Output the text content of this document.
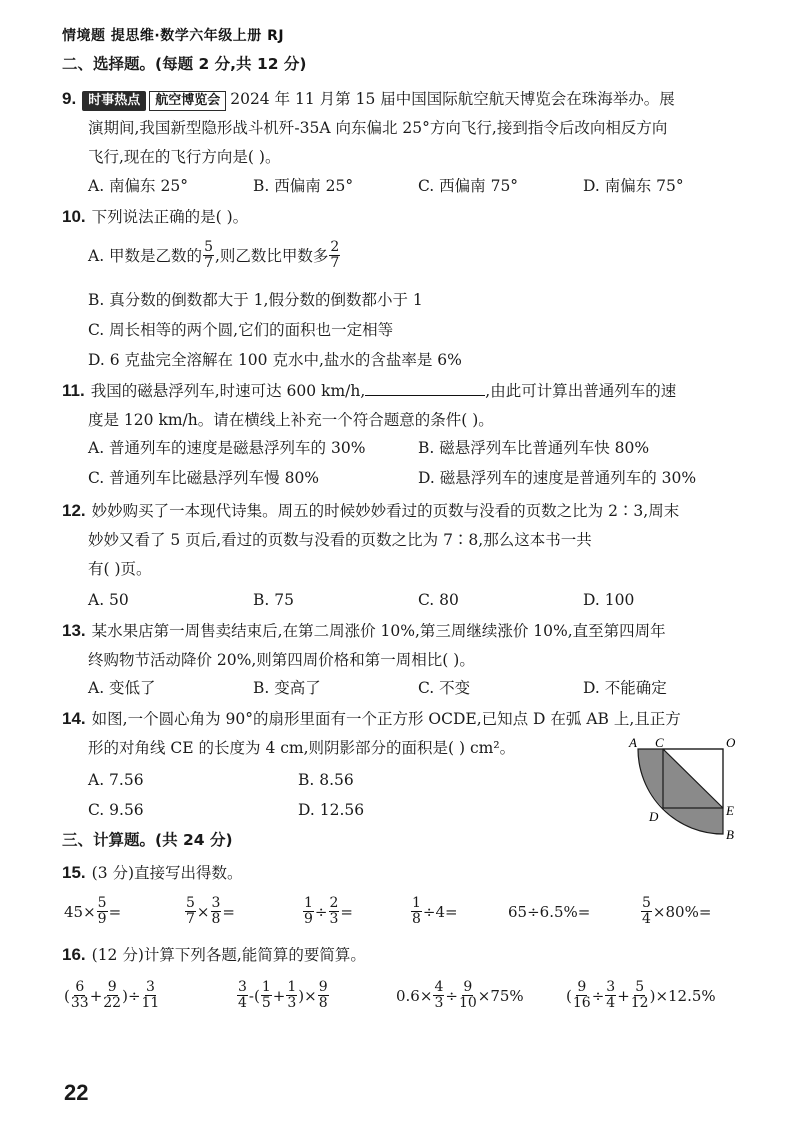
情境题 提思维·数学六年级上册 RJ
二、选择题。(每题 2 分,共 12 分)
9. 时事热点 航空博览会 2024 年 11 月第 15 届中国国际航空航天博览会在珠海举办。展
演期间,我国新型隐形战斗机歼-35A 向东偏北 25°方向飞行,接到指令后改向相反方向
飞行,现在的飞行方向是( )。
A. 南偏东 25°	B. 西偏南 25°	C. 西偏南 75°	D. 南偏东 75°
10. 下列说法正确的是( )。
A. 甲数是乙数的 $\frac{5}{7}$ ,则乙数比甲数多 $\frac{2}{7}$
B. 真分数的倒数都大于 1,假分数的倒数都小于 1
C. 周长相等的两个圆,它们的面积也一定相等
D. 6 克盐完全溶解在 100 克水中,盐水的含盐率是 6%
11. 我国的磁悬浮列车,时速可达 600 km/h,	,由此可计算出普通列车的速
度是 120 km/h。请在横线上补充一个符合题意的条件( )。
A. 普通列车的速度是磁悬浮列车的 30%	B. 磁悬浮列车比普通列车快 80%
C. 普通列车比磁悬浮列车慢 80%	D. 磁悬浮列车的速度是普通列车的 30%
12. 妙妙购买了一本现代诗集。周五的时候妙妙看过的页数与没看的页数之比为 2∶3,周末
妙妙又看了 5 页后,看过的页数与没看的页数之比为 7∶8,那么这本书一共
有( )页。
A. 50	B. 75	C. 80	D. 100
13. 某水果店第一周售卖结束后,在第二周涨价 10%,第三周继续涨价 10%,直至第四周年
终购物节活动降价 20%,则第四周价格和第一周相比( )。
A. 变低了	B. 变高了	C. 不变	D. 不能确定
14. 如图,一个圆心角为 90°的扇形里面有一个正方形 OCDE,已知点 D 在弧 AB 上,且正方
形的对角线 CE 的长度为 4 cm,则阴影部分的面积是( ) cm²。
A. 7.56	B. 8.56
C. 9.56	D. 12.56
A C	O
D	E
B
三、计算题。(共 24 分)
15. (3 分)直接写出得数。
$45\times \frac{5}{9}$ =	$\frac{5}{7} \times \frac{3}{8}$ =	$\frac{1}{9} \div \frac{2}{3}$ =	$\frac{1}{8} \div 4=$	65÷6.5%=	$\frac{5}{4} \times 80\%=$
16. (12 分)计算下列各题,能简算的要简算。
( $\frac{6}{33} + \frac{9}{22}$ )÷ $\frac{3}{11}$	$\frac{3}{4}$ -( $\frac{1}{5} + \frac{1}{3}$ )× $\frac{9}{8}$	$0.6\times \frac{4}{3} \div \frac{9}{10} \times 75\%$	( $\frac{9}{16} \div \frac{3}{4} + \frac{5}{12} )\times 12.5\%$
22
